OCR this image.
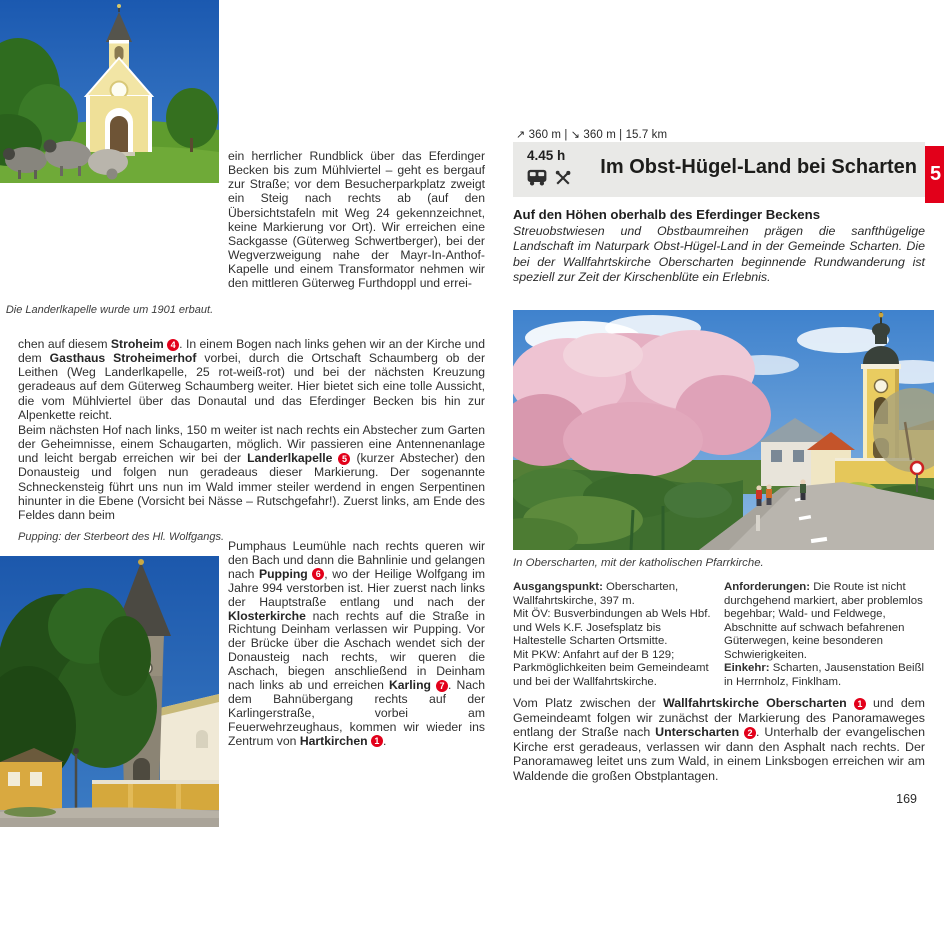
Die Landerlkapelle wurde um 1901 erbaut.
ein herrlicher Rundblick über das Eferdinger Becken bis zum Mühlviertel – geht es bergauf zur Straße; vor dem Besucherparkplatz zweigt ein Steig nach rechts ab (auf den Übersichtstafeln mit Weg 24 gekennzeichnet, keine Markierung vor Ort). Wir erreichen eine Sackgasse (Güterweg Schwertberger), bei der Wegverzweigung nahe der Mayr-In-Anthof-Kapelle und einem Transformator nehmen wir den mittleren Güterweg Furthdoppl und errei-
chen auf diesem Stroheim 4 . In einem Bogen nach links gehen wir an der Kirche und dem Gasthaus Stroheimerhof vorbei, durch die Ortschaft Schaumberg ob der Leithen (Weg Landerlkapelle, 25 rot-weiß-rot) und bei der nächsten Kreuzung geradeaus auf dem Güterweg Schaumberg weiter. Hier bietet sich eine tolle Aussicht, die vom Mühlviertel über das Donautal und das Eferdinger Becken bis hin zur Alpenkette reicht.
Beim nächsten Hof nach links, 150 m weiter ist nach rechts ein Abstecher zum Garten der Geheimnisse, einem Schaugarten, möglich. Wir passieren eine Antennenanlage und leicht bergab erreichen wir bei der Landerlkapelle 5 (kurzer Abstecher) den Donausteig und folgen nun geradeaus dieser Markierung. Der sogenannte Schneckensteig führt uns nun im Wald immer steiler werdend in engen Serpentinen hinunter in die Ebene (Vorsicht bei Nässe – Rutschgefahr!). Zuerst links, am Ende des Feldes dann beim
Pupping: der Sterbeort des Hl. Wolfgangs.
Pumphaus Leumühle nach rechts queren wir den Bach und dann die Bahnlinie und gelangen nach Pupping 6 , wo der Heilige Wolfgang im Jahre 994 verstorben ist. Hier zuerst nach links der Hauptstraße entlang und nach der Klosterkirche nach rechts auf die Straße in Richtung Deinham verlassen wir Pupping. Vor der Brücke über die Aschach wendet sich der Donausteig nach rechts, wir queren die Aschach, biegen anschließend in Deinham nach links ab und erreichen Karling 7 . Nach dem Bahnübergang rechts auf der Karlingerstraße, vorbei am Feuerwehrzeughaus, kommen wir wieder ins Zentrum von Hartkirchen 1 .
↗ 360 m | ↘ 360 m | 15.7 km
4.45 h
Im Obst-Hügel-Land bei Scharten 5
Auf den Höhen oberhalb des Eferdinger Beckens
Streuobstwiesen und Obstbaumreihen prägen die sanfthügelige Landschaft im Naturpark Obst-Hügel-Land in der Gemeinde Scharten. Die bei der Wallfahrtskirche Oberscharten beginnende Rundwanderung ist speziell zur Zeit der Kirschenblüte ein Erlebnis.
In Oberscharten, mit der katholischen Pfarrkirche.

Ausgangspunkt: Oberscharten, Wallfahrtskirche, 397 m.

Mit ÖV: Busverbindungen ab Wels Hbf. und Wels K.F. Josefsplatz bis Haltestelle Scharten Ortsmitte.

Mit PKW: Anfahrt auf der B 129; Parkmöglichkeiten beim Gemeindeamt und bei der Wallfahrtskirche.

Anforderungen: Die Route ist nicht durchgehend markiert, aber problemlos begehbar; Wald- und Feldwege, Abschnitte auf schwach befahrenen Güterwegen, keine besonderen Schwierigkeiten.

Einkehr: Scharten, Jausenstation Beißl in Herrnholz, Finklham.

Vom Platz zwischen der Wallfahrtskirche Oberscharten 1 und dem Gemeindeamt folgen wir zunächst der Markierung des Panoramaweges entlang der Straße nach Unterscharten 2 . Unterhalb der evangelischen Kirche erst geradeaus, verlassen wir dann den Asphalt nach rechts. Der Panoramaweg leitet uns zum Wald, in einem Linksbogen erreichen wir am Waldende die großen Obstplantagen.
169
